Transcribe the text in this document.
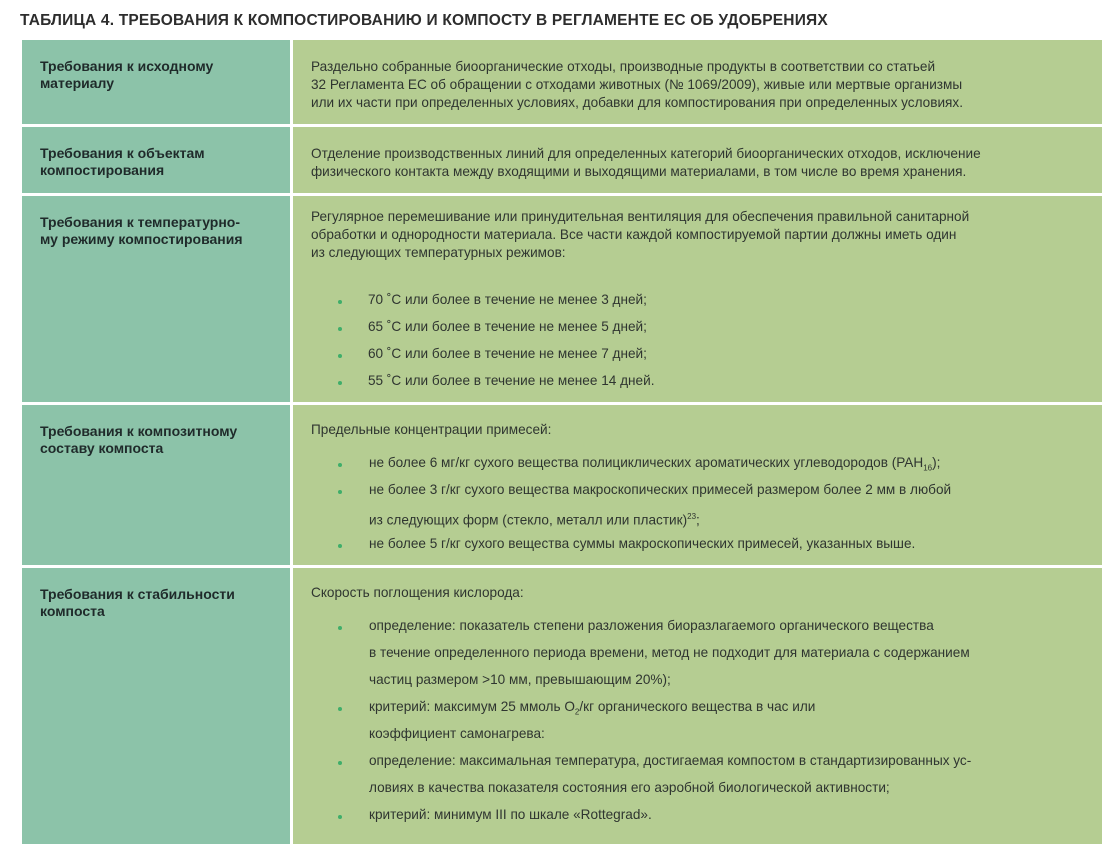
ТАБЛИЦА 4. ТРЕБОВАНИЯ К КОМПОСТИРОВАНИЮ И КОМПОСТУ В РЕГЛАМЕНТЕ ЕС ОБ УДОБРЕНИЯХ
Требования к исходному
материалу
Раздельно собранные биоорганические отходы, производные продукты в соответствии со статьей
32 Регламента ЕС об обращении с отходами животных (№ 1069/2009), живые или мертвые организмы
или их части при определенных условиях, добавки для компостирования при определенных условиях.
Требования к объектам
компостирования
Отделение производственных линий для определенных категорий биоорганических отходов, исключение
физического контакта между входящими и выходящими материалами, в том числе во время хранения.
Требования к температурно-
му режиму компостирования
Регулярное перемешивание или принудительная вентиляция для обеспечения правильной санитарной
обработки и однородности материала. Все части каждой компостируемой партии должны иметь один
из следующих температурных режимов:
70 ˚С или более в течение не менее 3 дней;
65 ˚С или более в течение не менее 5 дней;
60 ˚С или более в течение не менее 7 дней;
55 ˚С или более в течение не менее 14 дней.
Требования к композитному
составу компоста
Предельные концентрации примесей:
не более 6 мг/кг сухого вещества полициклических ароматических углеводородов $(PAH_{16})$;
не более 3 г/кг сухого вещества макроскопических примесей размером более 2 мм в любой
из следующих форм (стекло, металл или пластик)$^{23}$;
не более 5 г/кг сухого вещества суммы макроскопических примесей, указанных выше.
Требования к стабильности
компоста
Скорость поглощения кислорода:
определение: показатель степени разложения биоразлагаемого органического вещества
в течение определенного периода времени, метод не подходит для материала с содержанием
частиц размером >10 мм, превышающим 20%);
критерий: максимум 25 ммоль $O_2/кг$ органического вещества в час или
коэффициент самонагрева:
определение: максимальная температура, достигаемая компостом в стандартизированных ус-
ловиях в качества показателя состояния его аэробной биологической активности;
критерий: минимум III по шкале «Rottegrad».
